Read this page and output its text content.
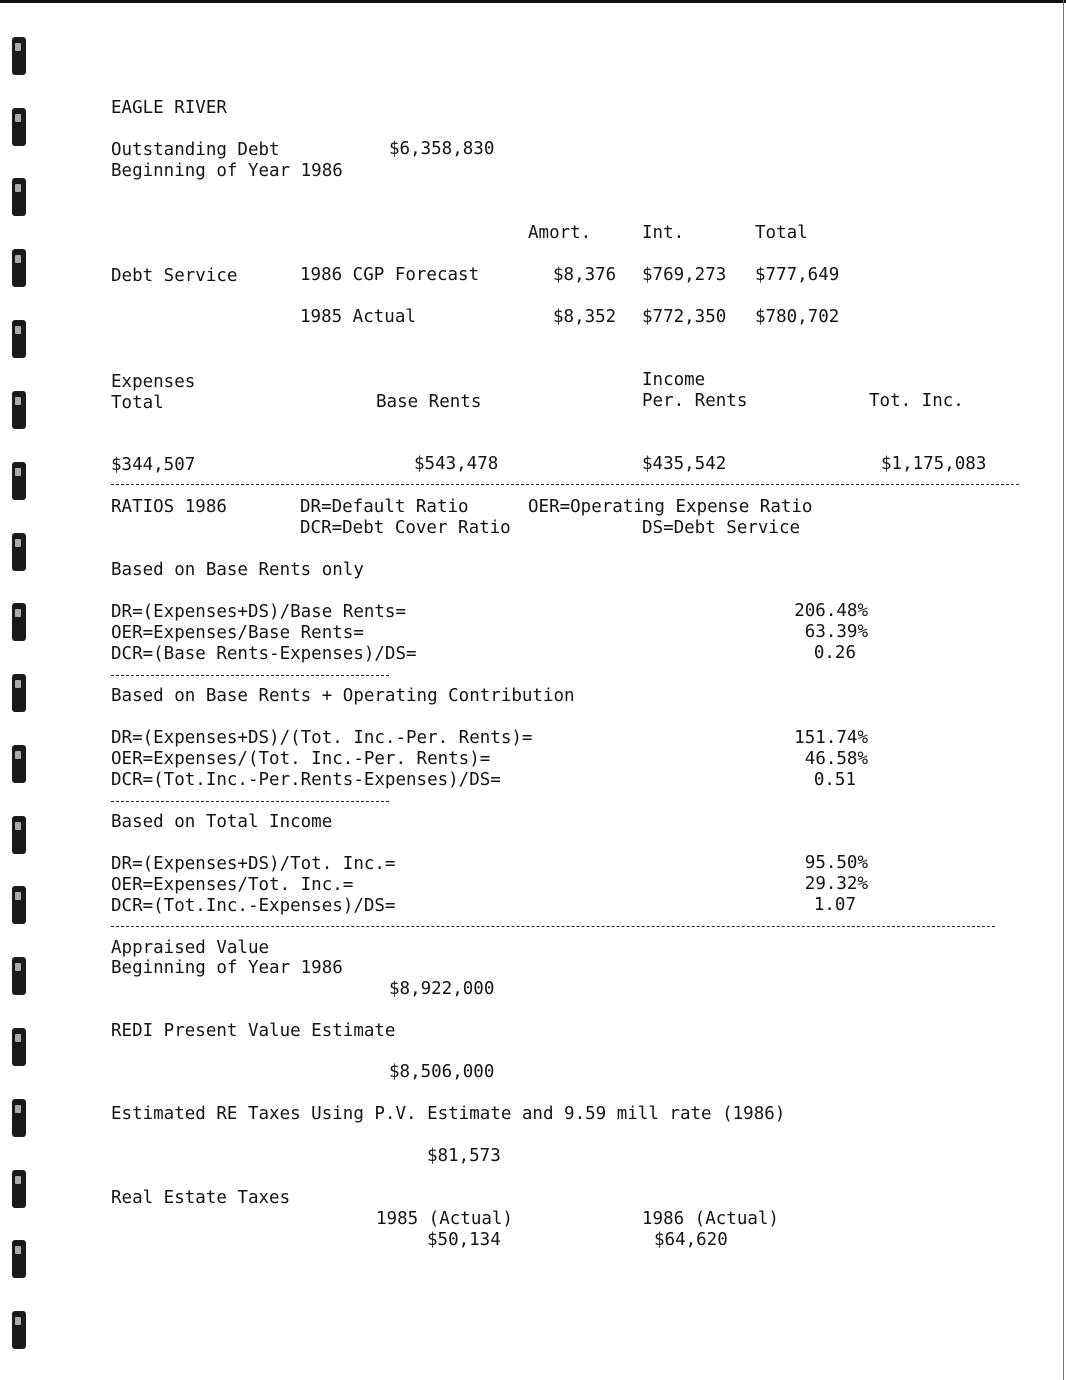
EAGLE RIVER
Outstanding Debt	$6,358,830
Beginning of Year 1986
Amort.	Int.	Total
Debt Service	1986 CGP Forecast	$8,376 $769,273 $777,649
1985 Actual	$8,352 $772,350 $780,702
Expenses
Total	Base Rents
Income
Per. Rents	Tot. Inc.
$344,507	$543,478	$435,542	$1,175,083
RATIOS 1986	DR=Default Ratio	OER=Operating Expense Ratio
DCR=Debt Cover Ratio	DS=Debt Service
Based on Base Rents only
DR=(Expenses+DS)/Base Rents=	206.48%
OER=Expenses/Base Rents=	63.39%
DCR=(Base Rents-Expenses)/DS=	0.26
Based on Base Rents + Operating Contribution
DR=(Expenses+DS)/(Tot. Inc.-Per. Rents)=	151.74%
OER=Expenses/(Tot. Inc.-Per. Rents)=	46.58%
DCR=(Tot.Inc.-Per.Rents-Expenses)/DS=	0.51
Based on Total Income
DR=(Expenses+DS)/Tot. Inc.=	95.50%
OER=Expenses/Tot. Inc.=	29.32%
DCR=(Tot.Inc.-Expenses)/DS=	1.07
Appraised Value
Beginning of Year 1986
$8,922,000
REDI Present Value Estimate
$8,506,000
Estimated RE Taxes Using P.V. Estimate and 9.59 mill rate (1986)
$81,573
Real Estate Taxes
1985 (Actual)
$50,134
1986 (Actual)
$64,620
